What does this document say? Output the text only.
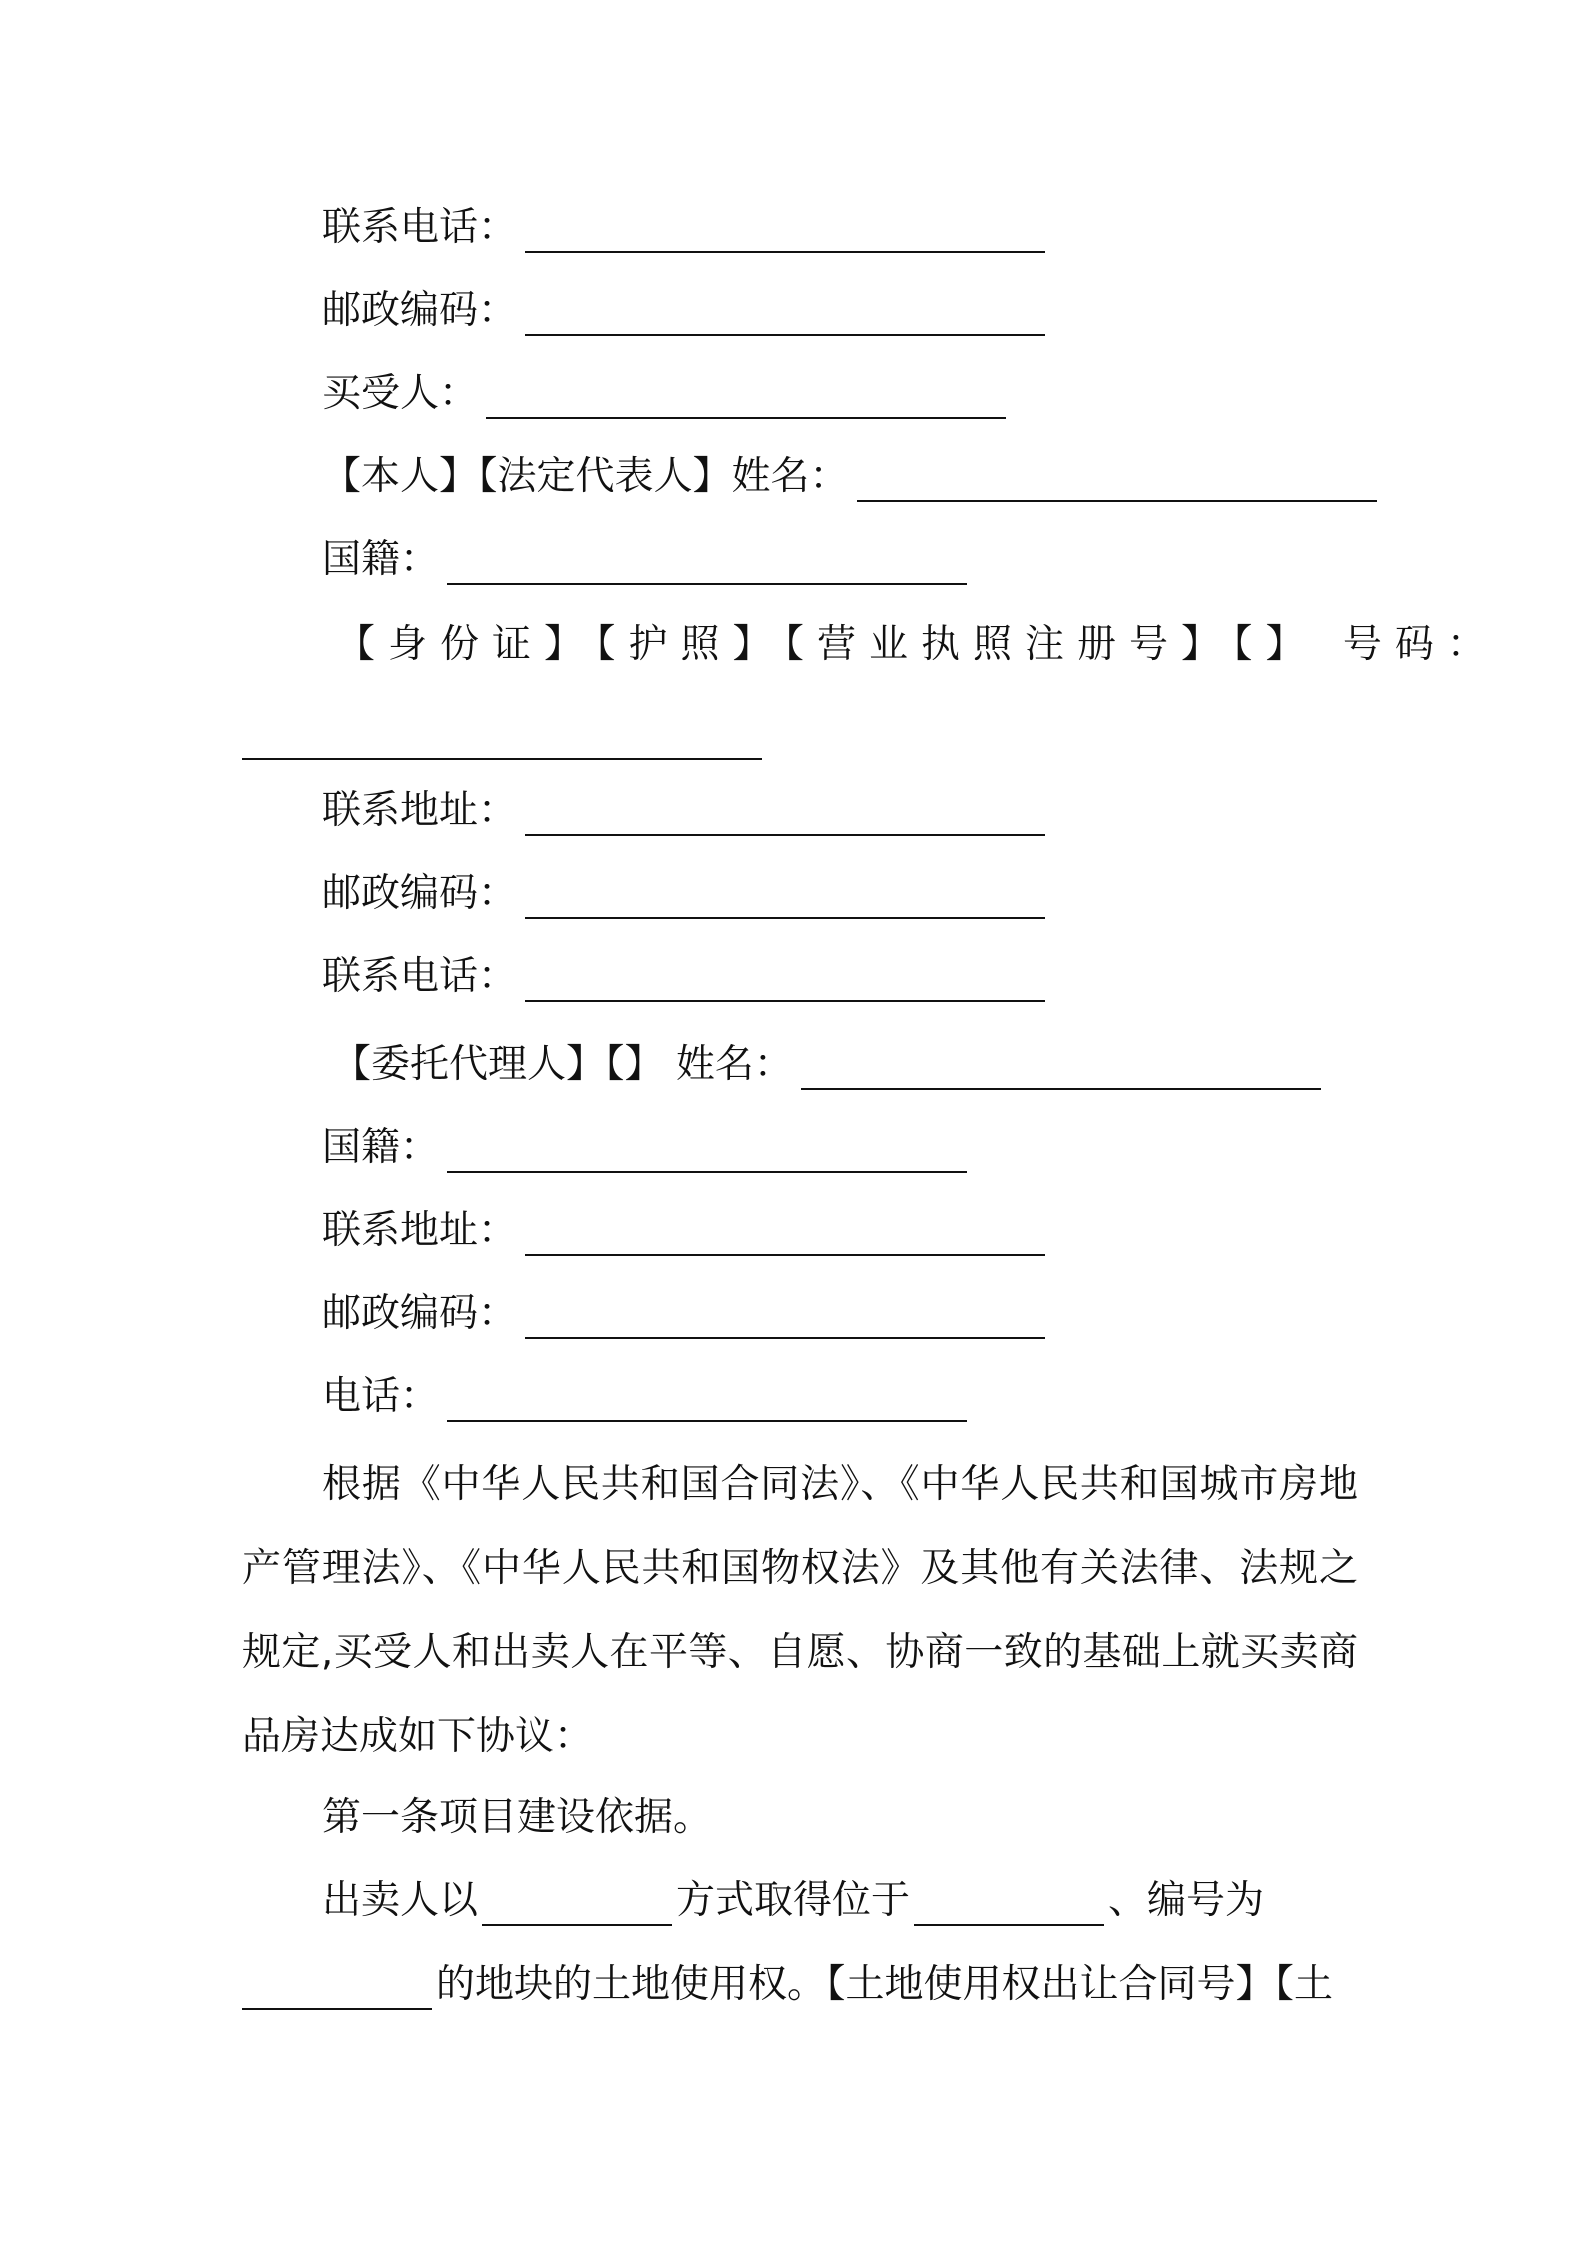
联系电话：
邮政编码：
买受人：
【本人】【法定代表人】姓名：
国籍：
【身份证】【护照】【营业执照注册号】【】 号码：
联系地址：
邮政编码：
联系电话：
【委托代理人】【】 姓名：
国籍：
联系地址：
邮政编码：
电话：
根据《中华人民共和国合同法》、《中华人民共和国城市房地产管理法》、《中华人民共和国物权法》及其他有关法律、法规之规定,买受人和出卖人在平等、自愿、协商一致的基础上就买卖商品房达成如下协议：
第一条项目建设依据。
出卖人以	方式取得位于	、编号为
的地块的土地使用权。【土地使用权出让合同号】【土
